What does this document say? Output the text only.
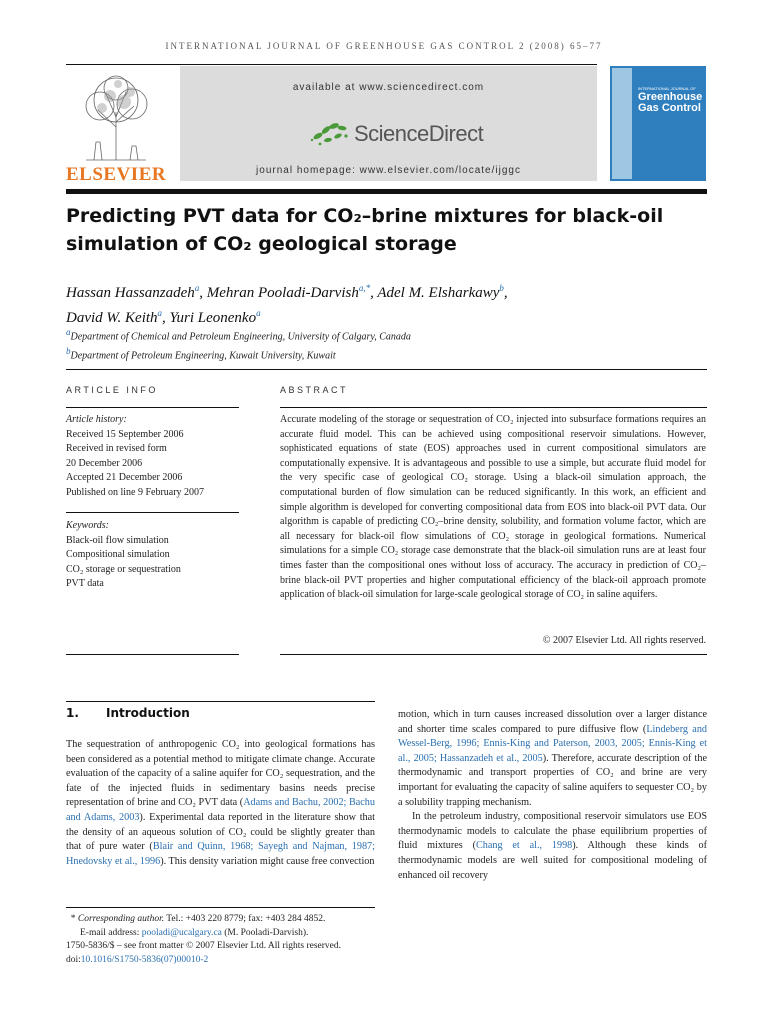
INTERNATIONAL JOURNAL OF GREENHOUSE GAS CONTROL 2 (2008) 65–77
ELSEVIER
available at www.sciencedirect.com
ScienceDirect
journal homepage: www.elsevier.com/locate/ijggc
INTERNATIONAL JOURNAL OF
Greenhouse Gas Control
Predicting PVT data for CO₂–brine mixtures for black-oil
simulation of CO₂ geological storage
Hassan Hassanzadeh$^a$, Mehran Pooladi-Darvish$^{a,*}$, Adel M. Elsharkawy$^b$,
David W. Keith$^a$, Yuri Leonenko$^a$
$^a$Department of Chemical and Petroleum Engineering, University of Calgary, Canada
$^b$Department of Petroleum Engineering, Kuwait University, Kuwait
ARTICLE INFO
Article history:
Received 15 September 2006
Received in revised form
20 December 2006
Accepted 21 December 2006
Published on line 9 February 2007
Keywords:
Black-oil flow simulation
Compositional simulation
CO₂ storage or sequestration
PVT data
ABSTRACT
Accurate modeling of the storage or sequestration of CO₂ injected into subsurface formations requires an accurate fluid model. This can be achieved using compositional reservoir simulations. However, sophisticated equations of state (EOS) approaches used in current compositional simulators are computationally expensive. It is advantageous and possible to use a simple, but accurate fluid model for the very specific case of geological CO₂ storage. Using a black-oil simulation approach, the computational burden of flow simulation can be reduced significantly. In this work, an efficient and simple algorithm is developed for converting compositional data from EOS into black-oil PVT data. Our algorithm is capable of predicting CO₂–brine density, solubility, and formation volume factor, which are all necessary for black-oil flow simulations of CO₂ storage in geological formations. Numerical simulations for a simple CO₂ storage case demonstrate that the black-oil simulation runs are at least four times faster than the compositional ones without loss of accuracy. The accuracy in prediction of CO₂–brine black-oil PVT properties and higher computational efficiency of the black-oil approach promote application of black-oil simulation for large-scale geological storage of CO₂ in saline aquifers.
© 2007 Elsevier Ltd. All rights reserved.
1. Introduction

The sequestration of anthropogenic CO₂ into geological formations has been considered as a potential method to mitigate climate change. Accurate evaluation of the capacity of a saline aquifer for CO₂ sequestration, and the fate of the injected fluids in sedimentary basins needs precise representation of brine and CO₂ PVT data (Adams and Bachu, 2002; Bachu and Adams, 2003). Experimental data reported in the literature show that the density of an aqueous solution of CO₂ could be slightly greater than that of pure water (Blair and Quinn, 1968; Sayegh and Najman, 1987; Hnedovsky et al., 1996). This density variation might cause free convection

motion, which in turn causes increased dissolution over a larger distance and shorter time scales compared to pure diffusive flow (Lindeberg and Wessel-Berg, 1996; Ennis-King and Paterson, 2003, 2005; Ennis-King et al., 2005; Hassanzadeh et al., 2005). Therefore, accurate description of the thermodynamic and transport properties of CO₂ and brine are very important for evaluating the capacity of saline aquifers to sequester CO₂ by a solubility trapping mechanism.

In the petroleum industry, compositional reservoir simulators use EOS thermodynamic models to calculate the phase equilibrium properties of fluid mixtures (Chang et al., 1998). Although these kinds of thermodynamic models are well suited for compositional modeling of enhanced oil recovery

* Corresponding author. Tel.: +403 220 8779; fax: +403 284 4852.
E-mail address: pooladi@ucalgary.ca (M. Pooladi-Darvish).
1750-5836/$ – see front matter © 2007 Elsevier Ltd. All rights reserved.
doi:10.1016/S1750-5836(07)00010-2
